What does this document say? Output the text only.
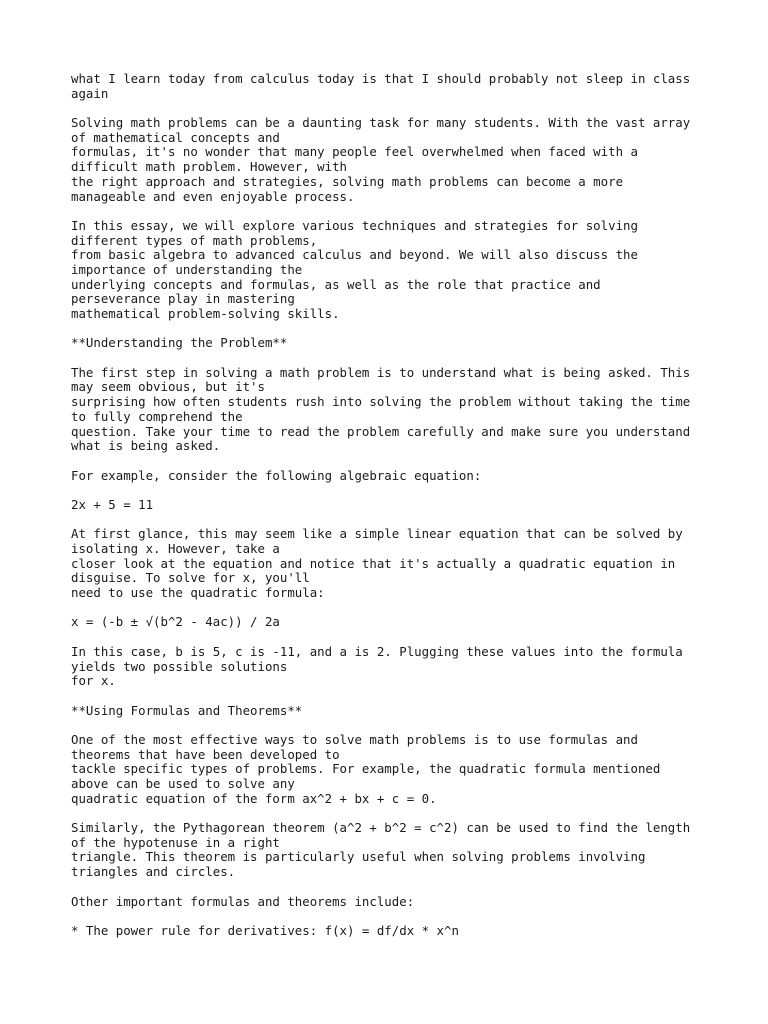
what I learn today from calculus today is that I should probably not sleep in class
again
Solving math problems can be a daunting task for many students. With the vast array
of mathematical concepts and
formulas, it's no wonder that many people feel overwhelmed when faced with a
difficult math problem. However, with
the right approach and strategies, solving math problems can become a more
manageable and even enjoyable process.
In this essay, we will explore various techniques and strategies for solving
different types of math problems,
from basic algebra to advanced calculus and beyond. We will also discuss the
importance of understanding the
underlying concepts and formulas, as well as the role that practice and
perseverance play in mastering
mathematical problem-solving skills.
**Understanding the Problem**
The first step in solving a math problem is to understand what is being asked. This
may seem obvious, but it's
surprising how often students rush into solving the problem without taking the time
to fully comprehend the
question. Take your time to read the problem carefully and make sure you understand
what is being asked.
For example, consider the following algebraic equation:
2x + 5 = 11
At first glance, this may seem like a simple linear equation that can be solved by
isolating x. However, take a
closer look at the equation and notice that it's actually a quadratic equation in
disguise. To solve for x, you'll
need to use the quadratic formula:
x = (-b ± √(b^2 - 4ac)) / 2a
In this case, b is 5, c is -11, and a is 2. Plugging these values into the formula
yields two possible solutions
for x.
**Using Formulas and Theorems**
One of the most effective ways to solve math problems is to use formulas and
theorems that have been developed to
tackle specific types of problems. For example, the quadratic formula mentioned
above can be used to solve any
quadratic equation of the form ax^2 + bx + c = 0.
Similarly, the Pythagorean theorem (a^2 + b^2 = c^2) can be used to find the length
of the hypotenuse in a right
triangle. This theorem is particularly useful when solving problems involving
triangles and circles.
Other important formulas and theorems include:
* The power rule for derivatives: f(x) = df/dx * x^n
